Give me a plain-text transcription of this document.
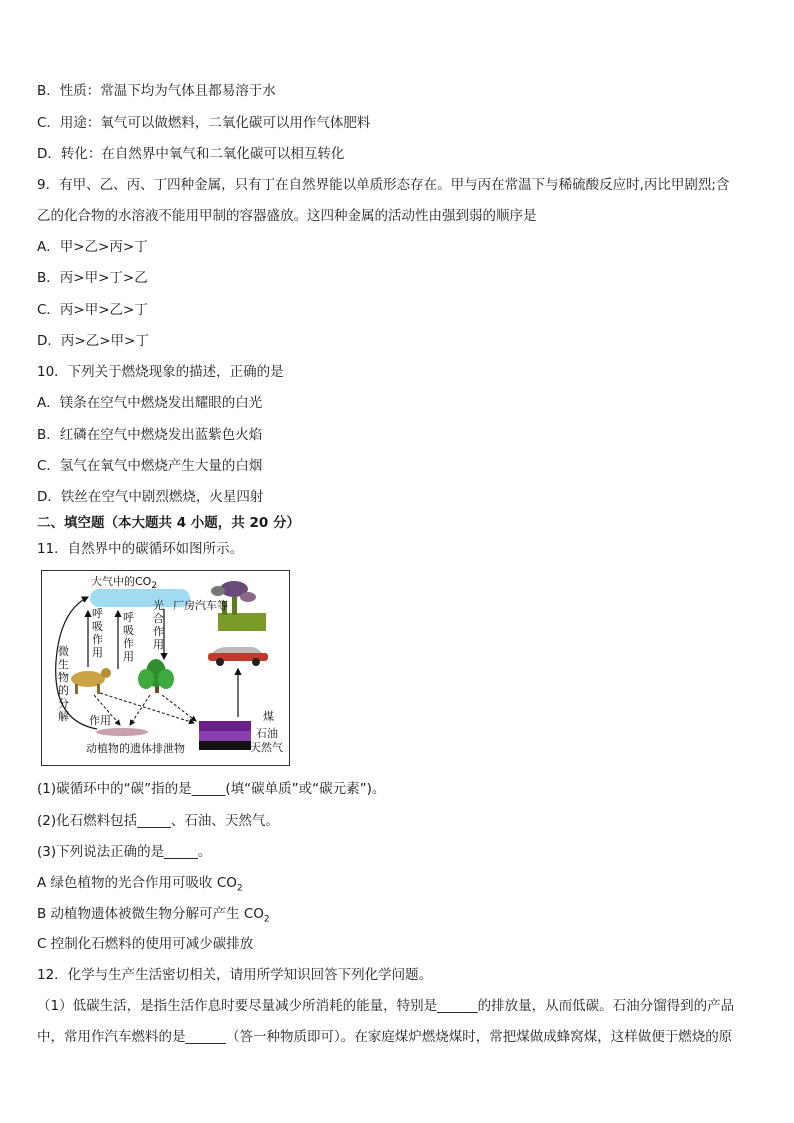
B．性质：常温下均为气体且都易溶于水
C．用途：氧气可以做燃料，二氧化碳可以用作气体肥料
D．转化：在自然界中氧气和二氧化碳可以相互转化
9．有甲、乙、丙、丁四种金属，只有丁在自然界能以单质形态存在。甲与丙在常温下与稀硫酸反应时,丙比甲剧烈;含
乙的化合物的水溶液不能用甲制的容器盛放。这四种金属的活动性由强到弱的顺序是
A．甲>乙>丙>丁
B．丙>甲>丁>乙
C．丙>甲>乙>丁
D．丙>乙>甲>丁
10．下列关于燃烧现象的描述，正确的是
A．镁条在空气中燃烧发出耀眼的白光
B．红磷在空气中燃烧发出蓝紫色火焰
C．氢气在氧气中燃烧产生大量的白烟
D．铁丝在空气中剧烈燃烧，火星四射
二、填空题（本大题共 4 小题，共 20 分）
11．自然界中的碳循环如图所示。
大气中的$CO_2$
呼吸作用
呼吸作用
光合作用
厂房汽车等
微生物的分解 作用
动植物的遗体排泄物
煤
石油
天然气
(1)碳循环中的“碳”指的是_____(填“碳单质”或“碳元素”)。
(2)化石燃料包括_____、石油、天然气。
(3)下列说法正确的是_____。
A 绿色植物的光合作用可吸收 $CO_2$
B 动植物遗体被微生物分解可产生 $CO_2$
C 控制化石燃料的使用可减少碳排放
12．化学与生产生活密切相关，请用所学知识回答下列化学问题。
（1）低碳生活，是指生活作息时要尽量减少所消耗的能量，特别是______的排放量，从而低碳。石油分馏得到的产品中，常用作汽车燃料的是______（答一种物质即可）。在家庭煤炉燃烧煤时，常把煤做成蜂窝煤，这样做便于燃烧的原
